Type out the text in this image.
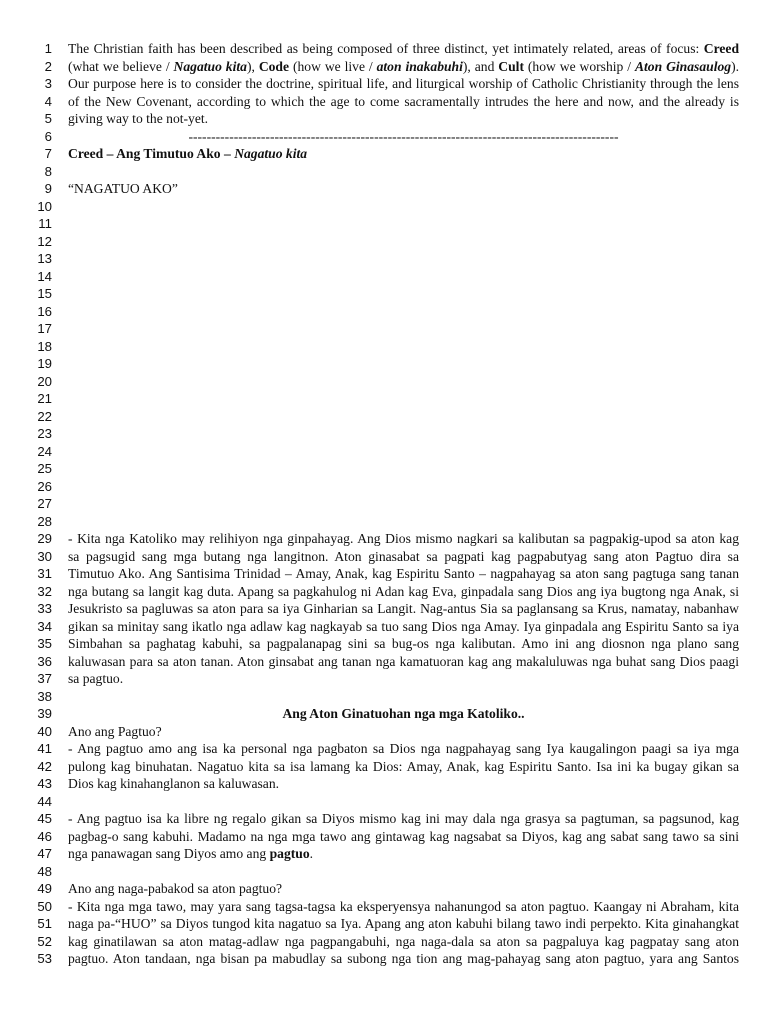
1 The Christian faith has been described as being composed of three distinct, yet intimately related, areas of focus: Creed
2 (what we believe / Nagatuo kita), Code (how we live / aton inakabuhi), and Cult (how we worship / Aton Ginasaulog).
3 Our purpose here is to consider the doctrine, spiritual life, and liturgical worship of Catholic Christianity through the lens
4 of the New Covenant, according to which the age to come sacramentally intrudes the here and now, and the already is
5 giving way to the not-yet.
6	-----------------------------------------------------------------------------------------------
7 Creed – Ang Timutuo Ako – Nagatuo kita
8
9 “NAGATUO AKO”
10
11
12
13
14
15
16
17
18
19
20
21
22
23
24
25
26
27
28
29 - Kita nga Katoliko may relihiyon nga ginpahayag. Ang Dios mismo nagkari sa kalibutan sa pagpakig-upod sa aton kag
30 sa pagsugid sang mga butang nga langitnon. Aton ginasabat sa pagpati kag pagpabutyag sang aton Pagtuo dira sa
31 Timutuo Ako. Ang Santisima Trinidad – Amay, Anak, kag Espiritu Santo – nagpahayag sa aton sang pagtuga sang tanan
32 nga butang sa langit kag duta. Apang sa pagkahulog ni Adan kag Eva, ginpadala sang Dios ang iya bugtong nga Anak, si
33 Jesukristo sa pagluwas sa aton para sa iya Ginharian sa Langit. Nag-antus Sia sa paglansang sa Krus, namatay, nabanhaw
34 gikan sa minitay sang ikatlo nga adlaw kag nagkayab sa tuo sang Dios nga Amay. Iya ginpadala ang Espiritu Santo sa iya
35 Simbahan sa paghatag kabuhi, sa pagpalanapag sini sa bug-os nga kalibutan. Amo ini ang diosnon nga plano sang
36 kaluwasan para sa aton tanan. Aton ginsabat ang tanan nga kamatuoran kag ang makaluluwas nga buhat sang Dios paagi
37 sa pagtuo.
38
39	Ang Aton Ginatuohan nga mga Katoliko..
40 Ano ang Pagtuo?
41 - Ang pagtuo amo ang isa ka personal nga pagbaton sa Dios nga nagpahayag sang Iya kaugalingon paagi sa iya mga
42 pulong kag binuhatan. Nagatuo kita sa isa lamang ka Dios: Amay, Anak, kag Espiritu Santo. Isa ini ka bugay gikan sa
43 Dios kag kinahanglanon sa kaluwasan.
44
45 - Ang pagtuo isa ka libre ng regalo gikan sa Diyos mismo kag ini may dala nga grasya sa pagtuman, sa pagsunod, kag
46 pagbag-o sang kabuhi. Madamo na nga mga tawo ang gintawag kag nagsabat sa Diyos, kag ang sabat sang tawo sa sini
47 nga panawagan sang Diyos amo ang pagtuo.
48
49 Ano ang naga-pabakod sa aton pagtuo?
50 - Kita nga mga tawo, may yara sang tagsa-tagsa ka eksperyensya nahanungod sa aton pagtuo. Kaangay ni Abraham, kita
51 naga pa-“HUO” sa Diyos tungod kita nagatuo sa Iya. Apang ang aton kabuhi bilang tawo indi perpekto. Kita ginahangkat
52 kag ginatilawan sa aton matag-adlaw nga pagpangabuhi, nga naga-dala sa aton sa pagpaluya kag pagpatay sang aton
53 pagtuo. Aton tandaan, nga bisan pa mabudlay sa subong nga tion ang mag-pahayag sang aton pagtuo, yara ang Santos
